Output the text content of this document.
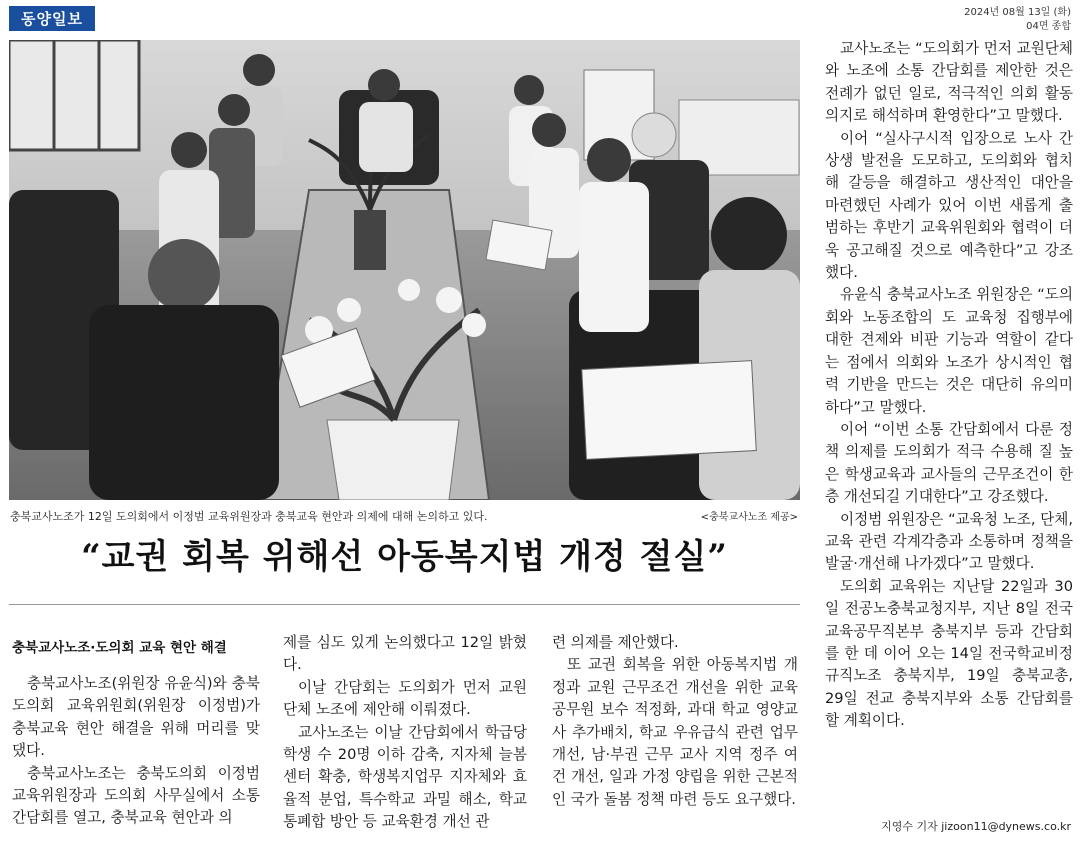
동양일보	2024년 08월 13일 (화)
04면 종합
충북교사노조가 12일 도의회에서 이정범 교육위원장과 충북교육 현안과 의제에 대해 논의하고 있다.	<충북교사노조 제공>
“교권 회복 위해선 아동복지법 개정 절실”
충북교사노조·도의회 교육 현안 해결

충북교사노조(위원장 유윤식)와 충북도의회 교육위원회(위원장 이정범)가 충북교육 현안 해결을 위해 머리를 맞댔다.

충북교사노조는 충북도의회 이정범 교육위원장과 도의회 사무실에서 소통 간담회를 열고, 충북교육 현안과 의

제를 심도 있게 논의했다고 12일 밝혔다.

이날 간담회는 도의회가 먼저 교원단체 노조에 제안해 이뤄졌다.

교사노조는 이날 간담회에서 학급당 학생 수 20명 이하 감축, 지자체 늘봄센터 확충, 학생복지업무 지자체와 효율적 분업, 특수학교 과밀 해소, 학교 통폐합 방안 등 교육환경 개선 관

련 의제를 제안했다.

또 교권 회복을 위한 아동복지법 개정과 교원 근무조건 개선을 위한 교육공무원 보수 적정화, 과대 학교 영양교사 추가배치, 학교 우유급식 관련 업무 개선, 남·부권 근무 교사 지역 정주 여건 개선, 일과 가정 양립을 위한 근본적인 국가 돌봄 정책 마련 등도 요구했다.

교사노조는 “도의회가 먼저 교원단체와 노조에 소통 간담회를 제안한 것은 전례가 없던 일로, 적극적인 의회 활동 의지로 해석하며 환영한다”고 말했다.

이어 “실사구시적 입장으로 노사 간 상생 발전을 도모하고, 도의회와 협치해 갈등을 해결하고 생산적인 대안을 마련했던 사례가 있어 이번 새롭게 출범하는 후반기 교육위원회와 협력이 더욱 공고해질 것으로 예측한다”고 강조했다.

유윤식 충북교사노조 위원장은 “도의회와 노동조합의 도 교육청 집행부에 대한 견제와 비판 기능과 역할이 같다는 점에서 의회와 노조가 상시적인 협력 기반을 만드는 것은 대단히 유의미하다”고 말했다.

이어 “이번 소통 간담회에서 다룬 정책 의제를 도의회가 적극 수용해 질 높은 학생교육과 교사들의 근무조건이 한층 개선되길 기대한다”고 강조했다.

이정범 위원장은 “교육청 노조, 단체, 교육 관련 각계각층과 소통하며 정책을 발굴·개선해 나가겠다”고 말했다.

도의회 교육위는 지난달 22일과 30일 전공노충북교청지부, 지난 8일 전국교육공무직본부 충북지부 등과 간담회를 한 데 이어 오는 14일 전국학교비정규직노조 충북지부, 19일 충북교총, 29일 전교 충북지부와 소통 간담회를 할 계획이다.

지영수 기자 jizoon11@dynews.co.kr
